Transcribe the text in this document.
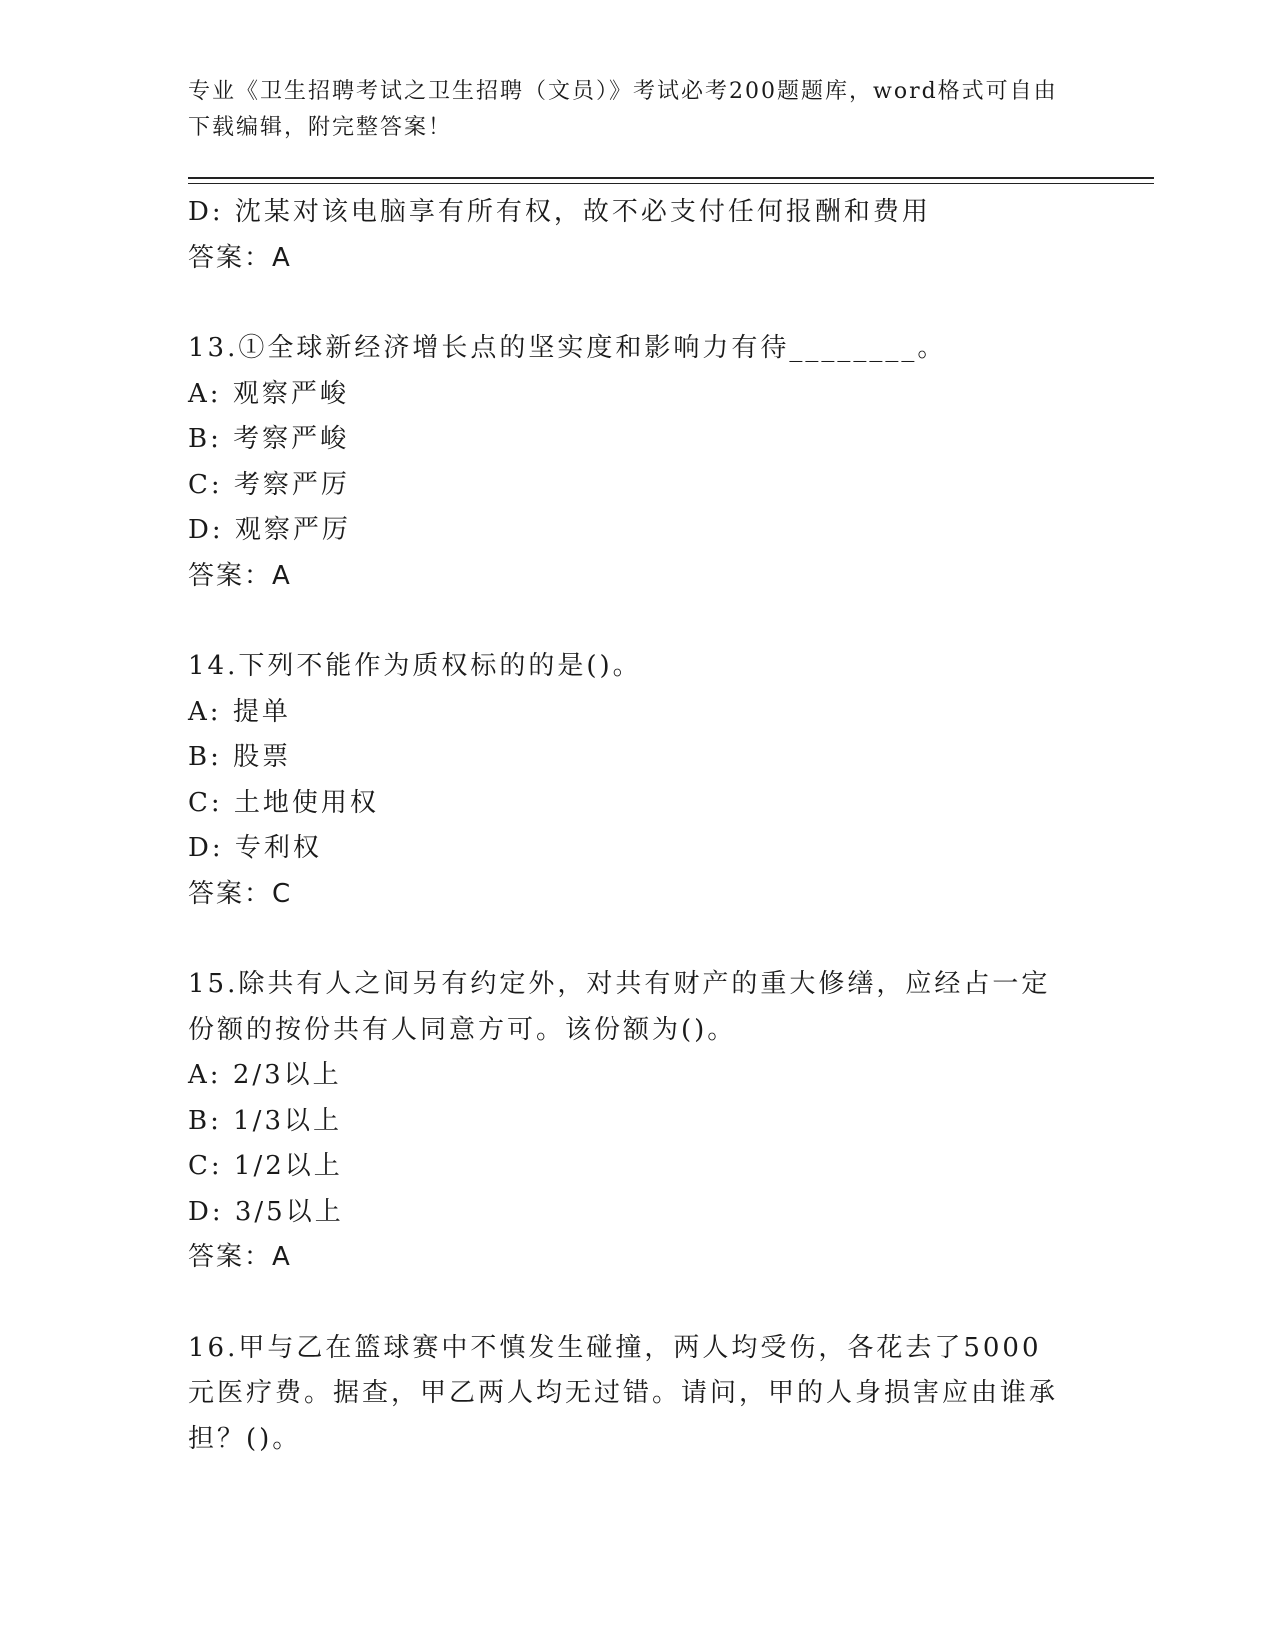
专业《卫生招聘考试之卫生招聘（文员）》考试必考200题题库，word格式可自由下载编辑，附完整答案！
D: 沈某对该电脑享有所有权，故不必支付任何报酬和费用
答案：A
13.①全球新经济增长点的坚实度和影响力有待________。
A: 观察严峻
B: 考察严峻
C: 考察严厉
D: 观察严厉
答案：A
14.下列不能作为质权标的的是()。
A: 提单
B: 股票
C: 土地使用权
D: 专利权
答案：C
15.除共有人之间另有约定外，对共有财产的重大修缮，应经占一定份额的按份共有人同意方可。该份额为()。
A: 2/3以上
B: 1/3以上
C: 1/2以上
D: 3/5以上
答案：A
16.甲与乙在篮球赛中不慎发生碰撞，两人均受伤，各花去了5000元医疗费。据查，甲乙两人均无过错。请问，甲的人身损害应由谁承担？()。
